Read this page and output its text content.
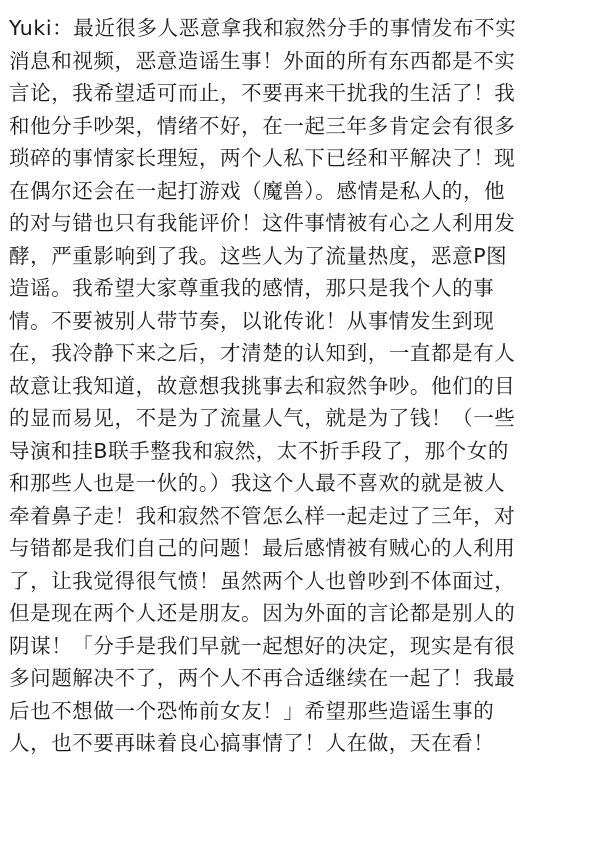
Yuki：最近很多人恶意拿我和寂然分手的事情发布不实
消息和视频，恶意造谣生事！外面的所有东西都是不实
言论，我希望适可而止，不要再来干扰我的生活了！我
和他分手吵架，情绪不好，在一起三年多肯定会有很多
琐碎的事情家长理短，两个人私下已经和平解决了！现
在偶尔还会在一起打游戏（魔兽）。感情是私人的，他
的对与错也只有我能评价！这件事情被有心之人利用发
酵，严重影响到了我。这些人为了流量热度，恶意P图
造谣。我希望大家尊重我的感情，那只是我个人的事
情。不要被别人带节奏，以讹传讹！从事情发生到现
在，我冷静下来之后，才清楚的认知到，一直都是有人
故意让我知道，故意想我挑事去和寂然争吵。他们的目
的显而易见，不是为了流量人气，就是为了钱！（一些
导演和挂B联手整我和寂然，太不折手段了，那个女的
和那些人也是一伙的。）我这个人最不喜欢的就是被人
牵着鼻子走！我和寂然不管怎么样一起走过了三年，对
与错都是我们自己的问题！最后感情被有贼心的人利用
了，让我觉得很气愤！虽然两个人也曾吵到不体面过，
但是现在两个人还是朋友。因为外面的言论都是别人的
阴谋！「分手是我们早就一起想好的决定，现实是有很
多问题解决不了，两个人不再合适继续在一起了！我最
后也不想做一个恐怖前女友！」希望那些造谣生事的
人，也不要再昧着良心搞事情了！人在做，天在看！
